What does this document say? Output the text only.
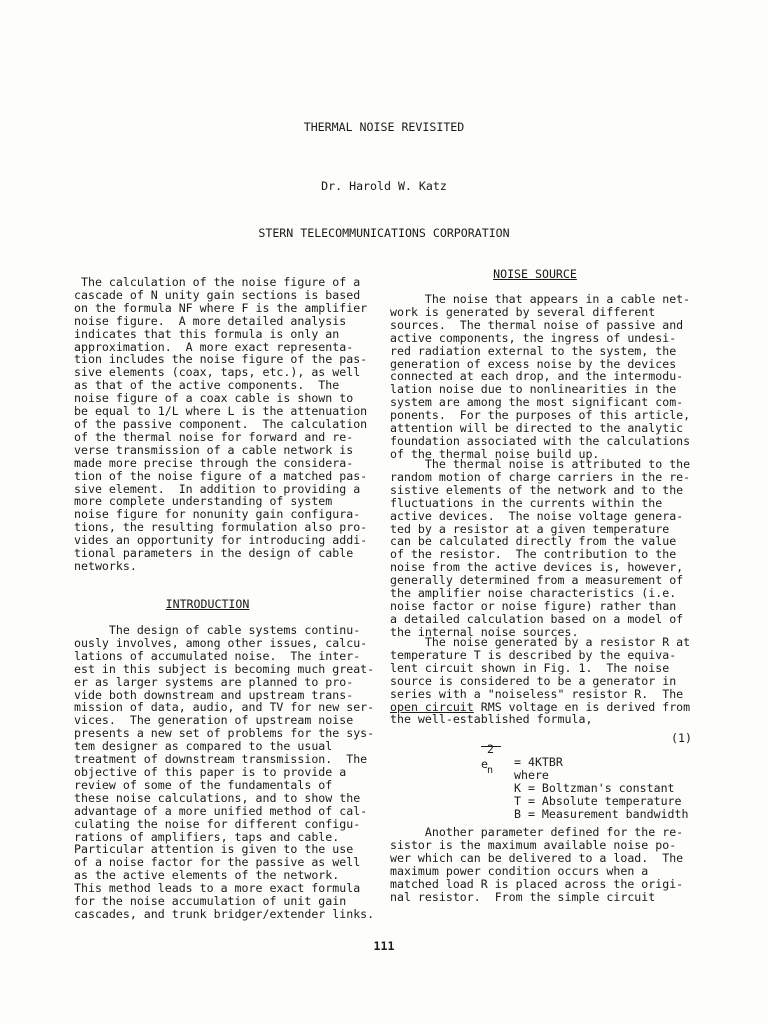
THERMAL NOISE REVISITED
Dr. Harold W. Katz
STERN TELECOMMUNICATIONS CORPORATION
The calculation of the noise figure of a
cascade of N unity gain sections is based
on the formula NF where F is the amplifier
noise figure.  A more detailed analysis
indicates that this formula is only an
approximation.  A more exact representa-
tion includes the noise figure of the pas-
sive elements (coax, taps, etc.), as well
as that of the active components.  The
noise figure of a coax cable is shown to
be equal to 1/L where L is the attenuation
of the passive component.  The calculation
of the thermal noise for forward and re-
verse transmission of a cable network is
made more precise through the considera-
tion of the noise figure of a matched pas-
sive element.  In addition to providing a
more complete understanding of system
noise figure for nonunity gain configura-
tions, the resulting formulation also pro-
vides an opportunity for introducing addi-
tional parameters in the design of cable
networks.
INTRODUCTION
The design of cable systems continu-
ously involves, among other issues, calcu-
lations of accumulated noise.  The inter-
est in this subject is becoming much great-
er as larger systems are planned to pro-
vide both downstream and upstream trans-
mission of data, audio, and TV for new ser-
vices.  The generation of upstream noise
presents a new set of problems for the sys-
tem designer as compared to the usual
treatment of downstream transmission.  The
objective of this paper is to provide a
review of some of the fundamentals of
these noise calculations, and to show the
advantage of a more unified method of cal-
culating the noise for different configu-
rations of amplifiers, taps and cable.
Particular attention is given to the use
of a noise factor for the passive as well
as the active elements of the network.
This method leads to a more exact formula
for the noise accumulation of unit gain
cascades, and trunk bridger/extender links.
NOISE SOURCE
The noise that appears in a cable net-
work is generated by several different
sources.  The thermal noise of passive and
active components, the ingress of undesi-
red radiation external to the system, the
generation of excess noise by the devices
connected at each drop, and the intermodu-
lation noise due to nonlinearities in the
system are among the most significant com-
ponents.  For the purposes of this article,
attention will be directed to the analytic
foundation associated with the calculations
of the thermal noise build up.
The thermal noise is attributed to the
random motion of charge carriers in the re-
sistive elements of the network and to the
fluctuations in the currents within the
active devices.  The noise voltage genera-
ted by a resistor at a given temperature
can be calculated directly from the value
of the resistor.  The contribution to the
noise from the active devices is, however,
generally determined from a measurement of
the amplifier noise characteristics (i.e.
noise factor or noise figure) rather than
a detailed calculation based on a model of
the internal noise sources.
The noise generated by a resistor R at
temperature T is described by the equiva-
lent circuit shown in Fig. 1.  The noise
source is considered to be a generator in
series with a "noiseless" resistor R.  The
open circuit RMS voltage en is derived from
the well-established formula,
(1)
2
e n
= 4KTBR
where
K = Boltzman's constant
T = Absolute temperature
B = Measurement bandwidth
Another parameter defined for the re-
sistor is the maximum available noise po-
wer which can be delivered to a load.  The
maximum power condition occurs when a
matched load R is placed across the origi-
nal resistor.  From the simple circuit
111
